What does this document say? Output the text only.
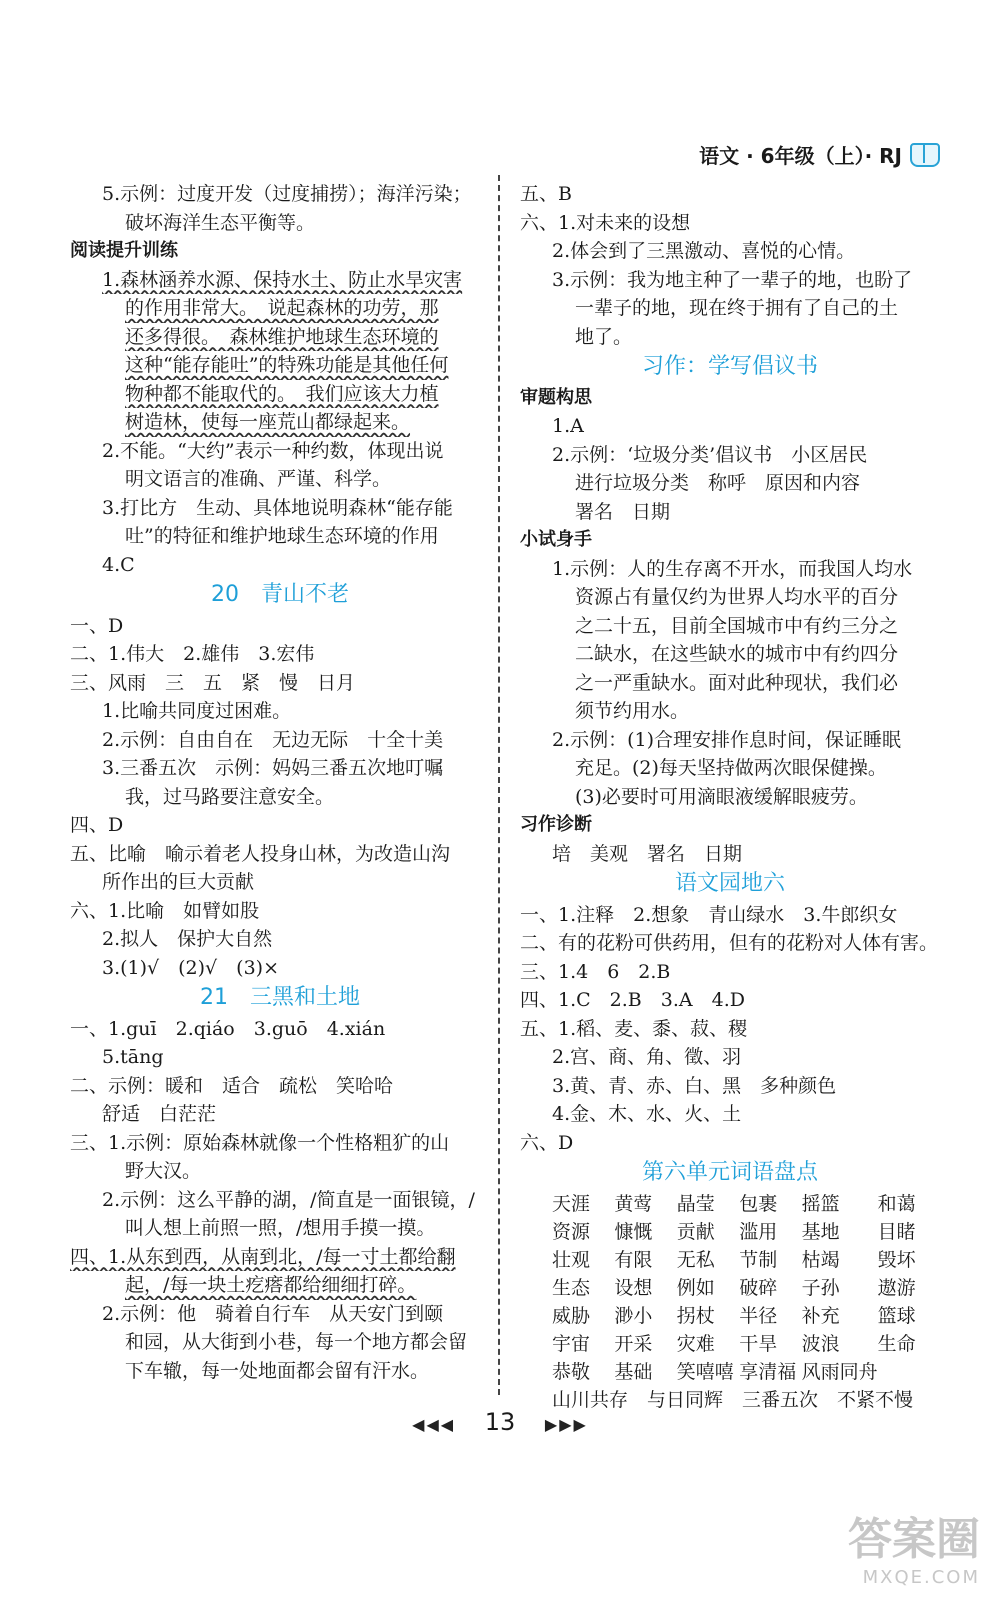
语文 · 6年级（上）· RJ
5.示例：过度开发（过度捕捞）；海洋污染；
破坏海洋生态平衡等。
阅读提升训练
1.森林涵养水源、保持水土、防止水旱灾害
的作用非常大。　说起森林的功劳，那
还多得很。　森林维护地球生态环境的
这种“能存能吐”的特殊功能是其他任何
物种都不能取代的。　我们应该大力植
树造林，使每一座荒山都绿起来。
2.不能。“大约”表示一种约数，体现出说
明文语言的准确、严谨、科学。
3.打比方　生动、具体地说明森林“能存能
吐”的特征和维护地球生态环境的作用
4.C
20　青山不老
一、D
二、1.伟大　2.雄伟　3.宏伟
三、风雨　三　五　紧　慢　日月
1.比喻共同度过困难。
2.示例：自由自在　无边无际　十全十美
3.三番五次　示例：妈妈三番五次地叮嘱
我，过马路要注意安全。
四、D
五、比喻　喻示着老人投身山林，为改造山沟
所作出的巨大贡献
六、1.比喻　如臂如股
2.拟人　保护大自然
3.(1)√　(2)√　(3)×
21　三黑和土地
一、1.guī　2.qiáo　3.guō　4.xián
5.tāng
二、示例：暖和　适合　疏松　笑哈哈
舒适　白茫茫
三、1.示例：原始森林就像一个性格粗犷的山
野大汉。
2.示例：这么平静的湖，/简直是一面银镜，/
叫人想上前照一照，/想用手摸一摸。
四、1.从东到西，从南到北，/每一寸土都给翻
起，/每一块土疙瘩都给细细打碎。
2.示例：他　骑着自行车　从天安门到颐
和园，从大街到小巷，每一个地方都会留
下车辙，每一处地面都会留有汗水。
五、B
六、1.对未来的设想
2.体会到了三黑激动、喜悦的心情。
3.示例：我为地主种了一辈子的地，也盼了
一辈子的地，现在终于拥有了自己的土
地了。
习作：学写倡议书
审题构思
1.A
2.示例：‘垃圾分类’倡议书　小区居民
进行垃圾分类　称呼　原因和内容
署名　日期
小试身手
1.示例：人的生存离不开水，而我国人均水
资源占有量仅约为世界人均水平的百分
之二十五，目前全国城市中有约三分之
二缺水，在这些缺水的城市中有约四分
之一严重缺水。面对此种现状，我们必
须节约用水。
2.示例：(1)合理安排作息时间，保证睡眠
充足。(2)每天坚持做两次眼保健操。
(3)必要时可用滴眼液缓解眼疲劳。
习作诊断
培　美观　署名　日期
语文园地六
一、1.注释　2.想象　青山绿水　3.牛郎织女
二、有的花粉可供药用，但有的花粉对人体有害。
三、1.4　6　2.B
四、1.C　2.B　3.A　4.D
五、1.稻、麦、黍、菽、稷
2.宫、商、角、徵、羽
3.黄、青、赤、白、黑　多种颜色
4.金、木、水、火、土
六、D
第六单元词语盘点
天涯	黄莺	晶莹	包裹	摇篮	和蔼
资源	慷慨	贡献	滥用	基地	目睹
壮观	有限	无私	节制	枯竭	毁坏
生态	设想	例如	破碎	子孙	遨游
威胁	渺小	拐杖	半径	补充	篮球
宇宙	开采	灾难	干旱	波浪	生命
恭敬	基础	笑嘻嘻 享清福 风雨同舟
山川共存　与日同辉　三番五次　不紧不慢
◀◀◀ 13 ▶▶▶
答案圈
MXQE.COM
